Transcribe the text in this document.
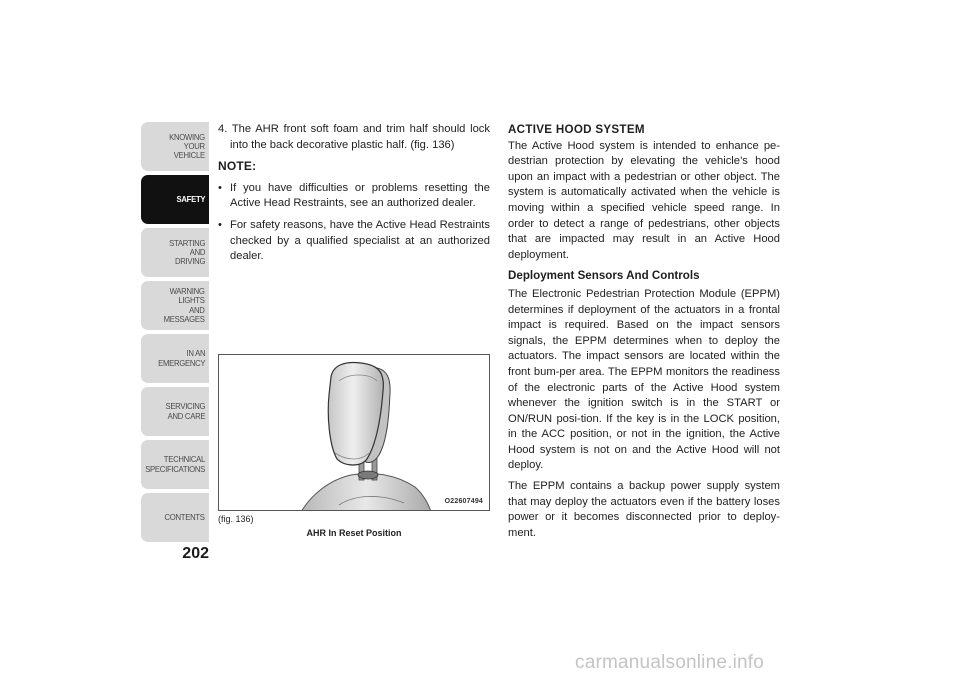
KNOWING
YOUR
VEHICLE
SAFETY
STARTING
AND
DRIVING
WARNING
LIGHTS
AND
MESSAGES
IN AN
EMERGENCY
SERVICING
AND CARE
TECHNICAL
SPECIFICATIONS
CONTENTS
202

4. The AHR front soft foam and trim half should lock into the back decorative plastic half. (fig. 136)

NOTE:

• If you have difficulties or problems resetting the Active Head Restraints, see an authorized dealer.

• For safety reasons, have the Active Head Restraints checked by a qualified specialist at an authorized dealer.

O22607494
(fig. 136)
AHR In Reset Position
ACTIVE HOOD SYSTEM

The Active Hood system is intended to enhance pe-destrian protection by elevating the vehicle’s hood upon an impact with a pedestrian or other object. The system is automatically activated when the vehicle is moving within a specified vehicle speed range. In order to detect a range of pedestrians, other objects that are impacted may result in an Active Hood deployment.

Deployment Sensors And Controls

The Electronic Pedestrian Protection Module (EPPM) determines if deployment of the actuators in a frontal impact is required. Based on the impact sensors signals, the EPPM determines when to deploy the actuators. The impact sensors are located within the front bum-per area. The EPPM monitors the readiness of the electronic parts of the Active Hood system whenever the ignition switch is in the START or ON/RUN posi-tion. If the key is in the LOCK position, in the ACC position, or not in the ignition, the Active Hood system is not on and the Active Hood will not deploy.

The EPPM contains a backup power supply system that may deploy the actuators even if the battery loses power or it becomes disconnected prior to deploy-ment.

carmanualsonline.info
